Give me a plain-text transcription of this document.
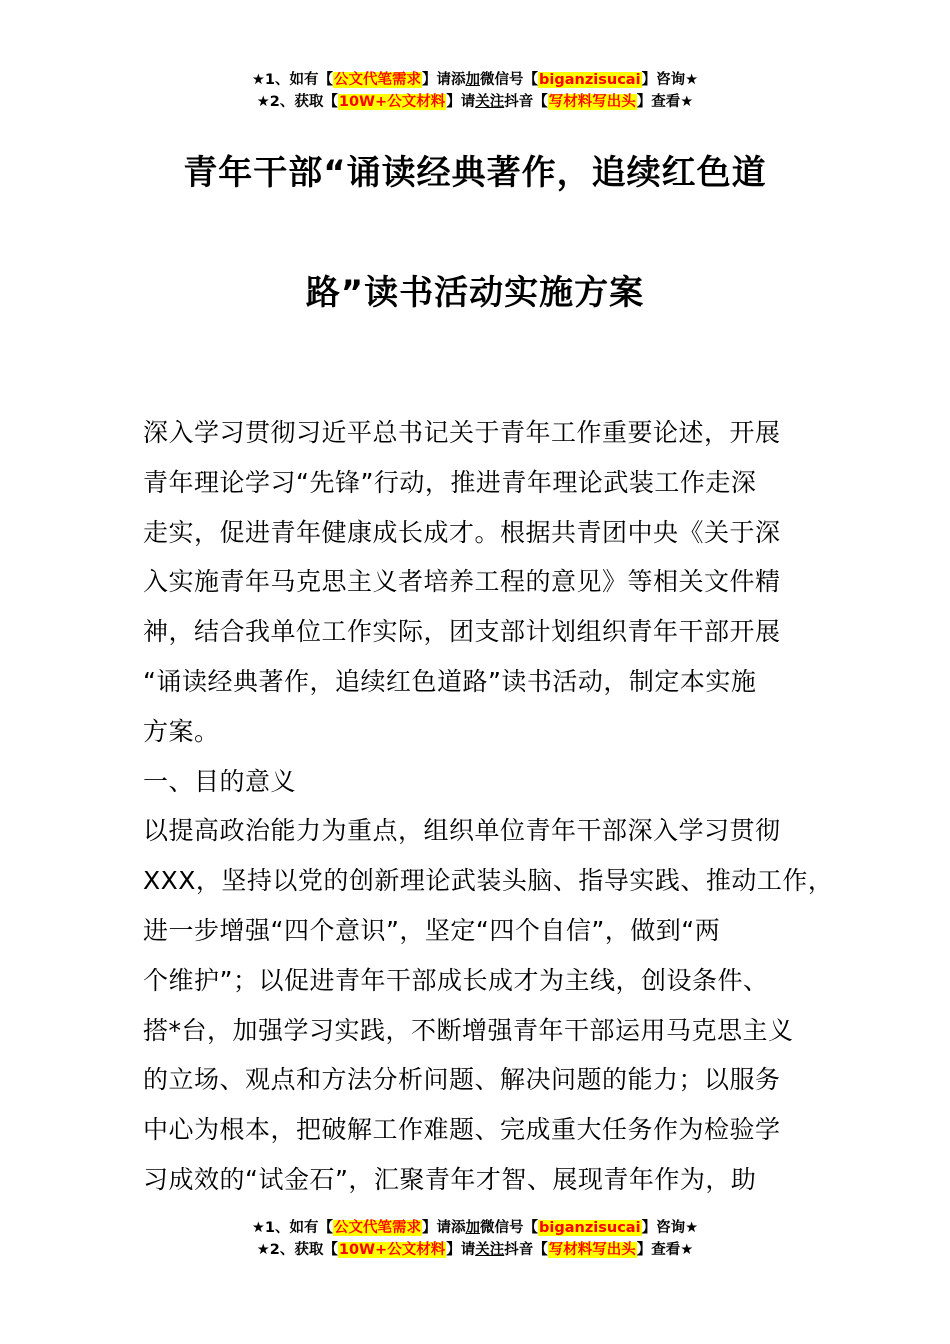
★1、如有【公文代笔需求】请添加微信号【biganzisucai】咨询★
★2、获取【10W+公文材料】请关注抖音【写材料写出头】查看★
青年干部“诵读经典著作，追续红色道
路”读书活动实施方案
深入学习贯彻习近平总书记关于青年工作重要论述，开展
青年理论学习“先锋”行动，推进青年理论武装工作走深
走实，促进青年健康成长成才。根据共青团中央《关于深
入实施青年马克思主义者培养工程的意见》等相关文件精
神，结合我单位工作实际，团支部计划组织青年干部开展
“诵读经典著作，追续红色道路”读书活动，制定本实施
方案。
一、目的意义
以提高政治能力为重点，组织单位青年干部深入学习贯彻
XXX，坚持以党的创新理论武装头脑、指导实践、推动工作，
进一步增强“四个意识”，坚定“四个自信”，做到“两
个维护”；以促进青年干部成长成才为主线，创设条件、
搭*台，加强学习实践，不断增强青年干部运用马克思主义
的立场、观点和方法分析问题、解决问题的能力；以服务
中心为根本，把破解工作难题、完成重大任务作为检验学
习成效的“试金石”，汇聚青年才智、展现青年作为，助
★1、如有【公文代笔需求】请添加微信号【biganzisucai】咨询★
★2、获取【10W+公文材料】请关注抖音【写材料写出头】查看★
